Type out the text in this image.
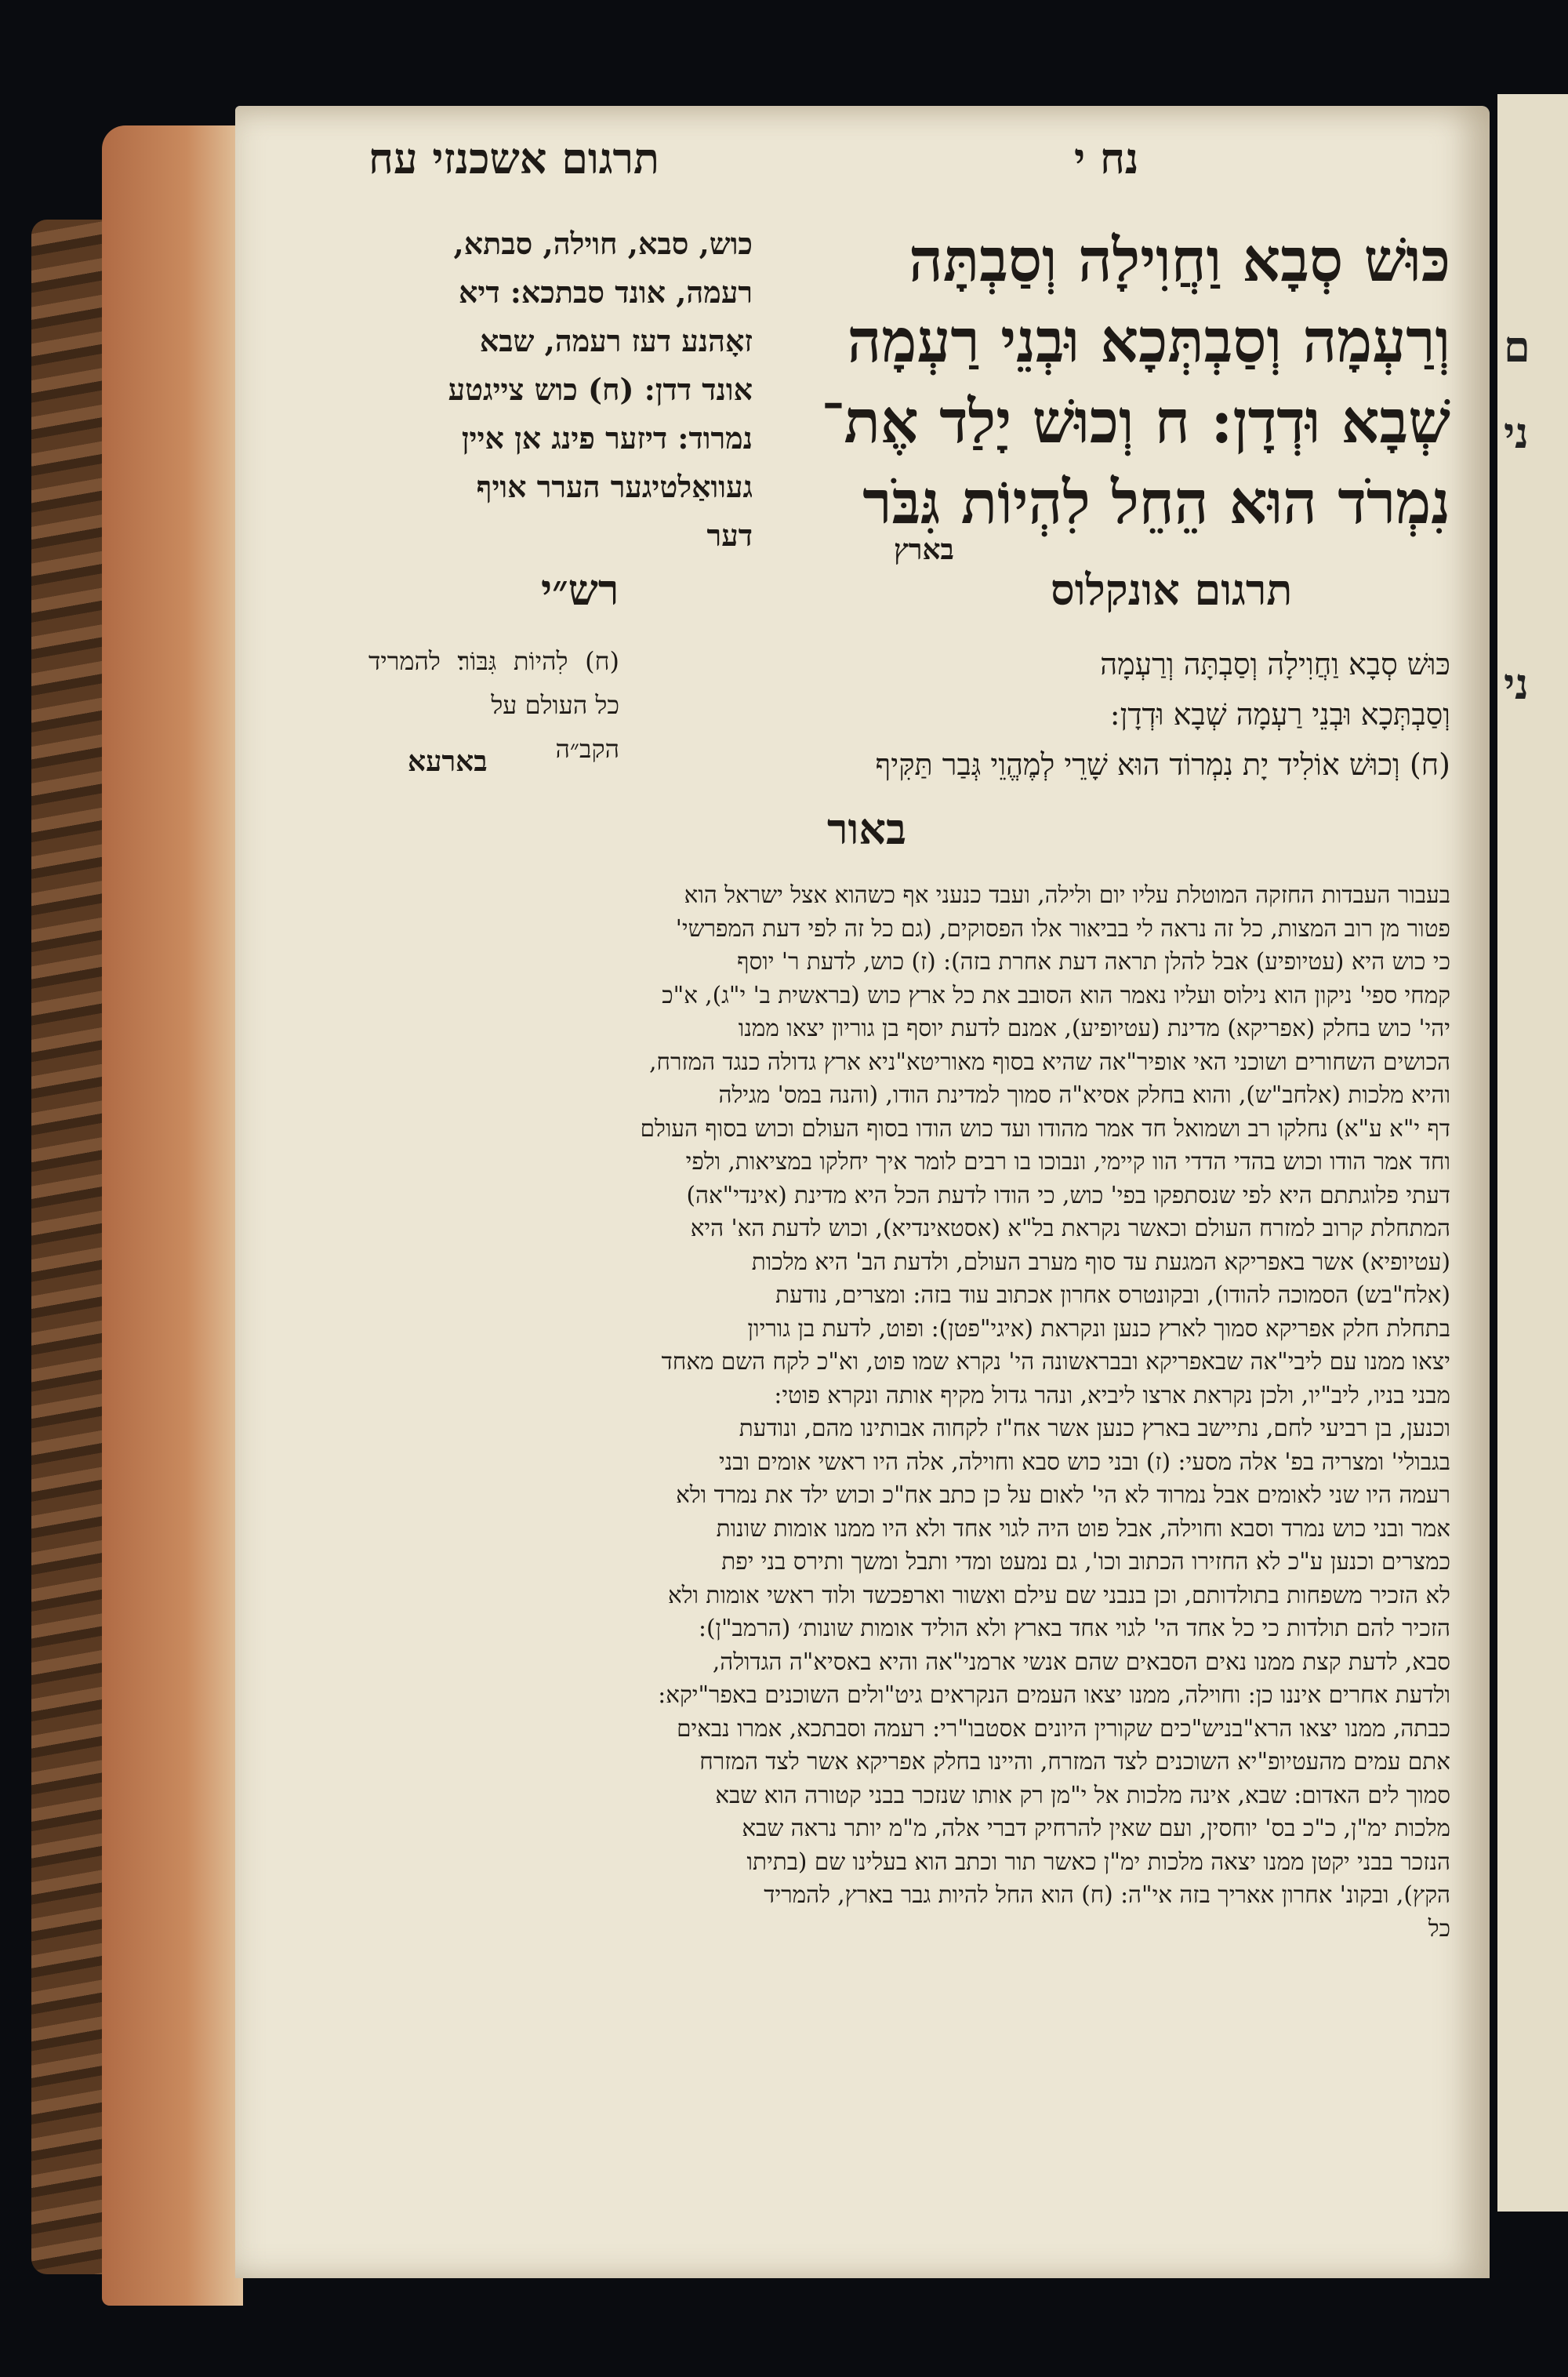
ם
ני
ני
תרגום אשכנזי עח	נח י
כּוּשׁ סְבָא וַחֲוִילָה וְסַבְתָּה
וְרַעְמָה וְסַבְתְּכָא וּבְנֵי רַעְמָה
שְׁבָא וּדְדָן: ח וְכוּשׁ יָלַד אֶת־
נִמְרֹד הוּא הֵחֵל לִהְיוֹת גִּבֹּר
בארץ
כוש, סבא, חוילה, סבתא,
רעמה, אונד סבתכא: דיא
זאָהנע דעז רעמה, שבא
אונד דדן: (ח) כוש צייגטע
נמרוד: דיזער פינג אן איין
געוואַלטיגער הערר אויף
דער
תרגום אונקלוס
רש״י
כּוּשׁ סְבָא וַחֲוִילָה וְסַבְתָּה וְרַעְמָה
וְסַבְתְּכָא וּבְנֵי רַעְמָה שְׁבָא וּדְדָן:
(ח) וְכוּשׁ אוֹלִיד יָת נִמְרוֹד הוּא שָׁרֵי לְמֶהֱוֵי גְּבַר תַּקִּיף
(ח) לִהיוֹת גִּבּוֹר׃ להמריד כל העולם על
הקב״ה
בארעא
באור
בעבור העבדות החזקה המוטלת עליו יום ולילה, ועבד כנעני אף כשהוא אצל ישראל הוא
פטור מן רוב המצות, כל זה נראה לי בביאור אלו הפסוקים, (גם כל זה לפי דעת המפרשי'
כי כוש היא (עטיופיע) אבל להלן תראה דעת אחרת בזה): (ז) כוש, לדעת ר' יוסף
קמחי ספי' ניקון הוא נילוס ועליו נאמר הוא הסובב את כל ארץ כוש (בראשית ב' י"ג), א"כ
יהי' כוש בחלק (אפריקא) מדינת (עטיופיע), אמנם לדעת יוסף בן גוריון יצאו ממנו
הכושים השחורים ושוכני האי אופיר"אה שהיא בסוף מאוריטא"ניא ארץ גדולה כנגד המזרח,
והיא מלכות (אלחב"ש), והוא בחלק אסיא"ה סמוך למדינת הודו, (והנה במס' מגילה
דף י"א ע"א) נחלקו רב ושמואל חד אמר מהודו ועד כוש הודו בסוף העולם וכוש בסוף העולם
וחד אמר הודו וכוש בהדי הדדי הוו קיימי, ונבוכו בו רבים לומר איך יחלקו במציאות, ולפי
דעתי פלוגתתם היא לפי שנסתפקו בפי' כוש, כי הודו לדעת הכל היא מדינת (אינדי"אה)
המתחלת קרוב למזרח העולם וכאשר נקראת בל"א (אסטאינדיא), וכוש לדעת הא' היא
(עטיופיא) אשר באפריקא המגעת עד סוף מערב העולם, ולדעת הב' היא מלכות
(אלח"בש) הסמוכה להודו), ובקונטרס אחרון אכתוב עוד בזה: ומצרים, נודעת
בתחלת חלק אפריקא סמוך לארץ כנען ונקראת (איגי"פטן): ופוט, לדעת בן גוריון
יצאו ממנו עם ליבי"אה שבאפריקא ובבראשונה הי' נקרא שמו פוט, וא"כ לקח השם מאחד
מבני בניו, ליב"יו, ולכן נקראת ארצו ליביא, ונהר גדול מקיף אותה ונקרא פוטי:
וכנען, בן רביעי לחם, נתיישב בארץ כנען אשר אח"ז לקחוה אבותינו מהם, ונודעת
בגבולי' ומצריה בפ' אלה מסעי: (ז) ובני כוש סבא וחוילה, אלה היו ראשי אומים ובני
רעמה היו שני לאומים אבל נמרוד לא הי' לאום על כן כתב אח"כ וכוש ילד את נמרד ולא
אמר ובני כוש נמרד וסבא וחוילה, אבל פוט היה לגוי אחד ולא היו ממנו אומות שונות
כמצרים וכנען ע"כ לא החזירו הכתוב וכו', גם נמעט ומדי ותבל ומשך ותירס בני יפת
לא הזכיר משפחות בתולדותם, וכן בנבני שם עילם ואשור וארפכשד ולוד ראשי אומות ולא
הזכיר להם תולדות כי כל אחד הי' לגוי אחד בארץ ולא הוליד אומות שונות׳ (הרמב"ן):
סבא, לדעת קצת ממנו נאים הסבאים שהם אנשי ארמני"אה והיא באסיא"ה הגדולה,
ולדעת אחרים איננו כן: וחוילה, ממנו יצאו העמים הנקראים גיט"ולים השוכנים באפר"יקא:
כבתה, ממנו יצאו הרא"בניש"כים שקורין היונים אסטבו"רי: רעמה וסבתכא, אמרו נבאים
אתם עמים מהעטיופ"יא השוכנים לצד המזרח, והיינו בחלק אפריקא אשר לצד המזרח
סמוך לים האדום: שבא, אינה מלכות אל י"מן רק אותו שנזכר בבני קטורה הוא שבא
מלכות ימ"ן, כ"כ בס' יוחסין, ועם שאין להרחיק דברי אלה, מ"מ יותר נראה שבא
הנזכר בבני יקטן ממנו יצאה מלכות ימ"ן כאשר תור וכתב הוא בעלינו שם (בתיתו
הקץ), ובקונ' אחרון אאריך בזה אי"ה: (ח) הוא החל להיות גבר בארץ, להמריד
כל
